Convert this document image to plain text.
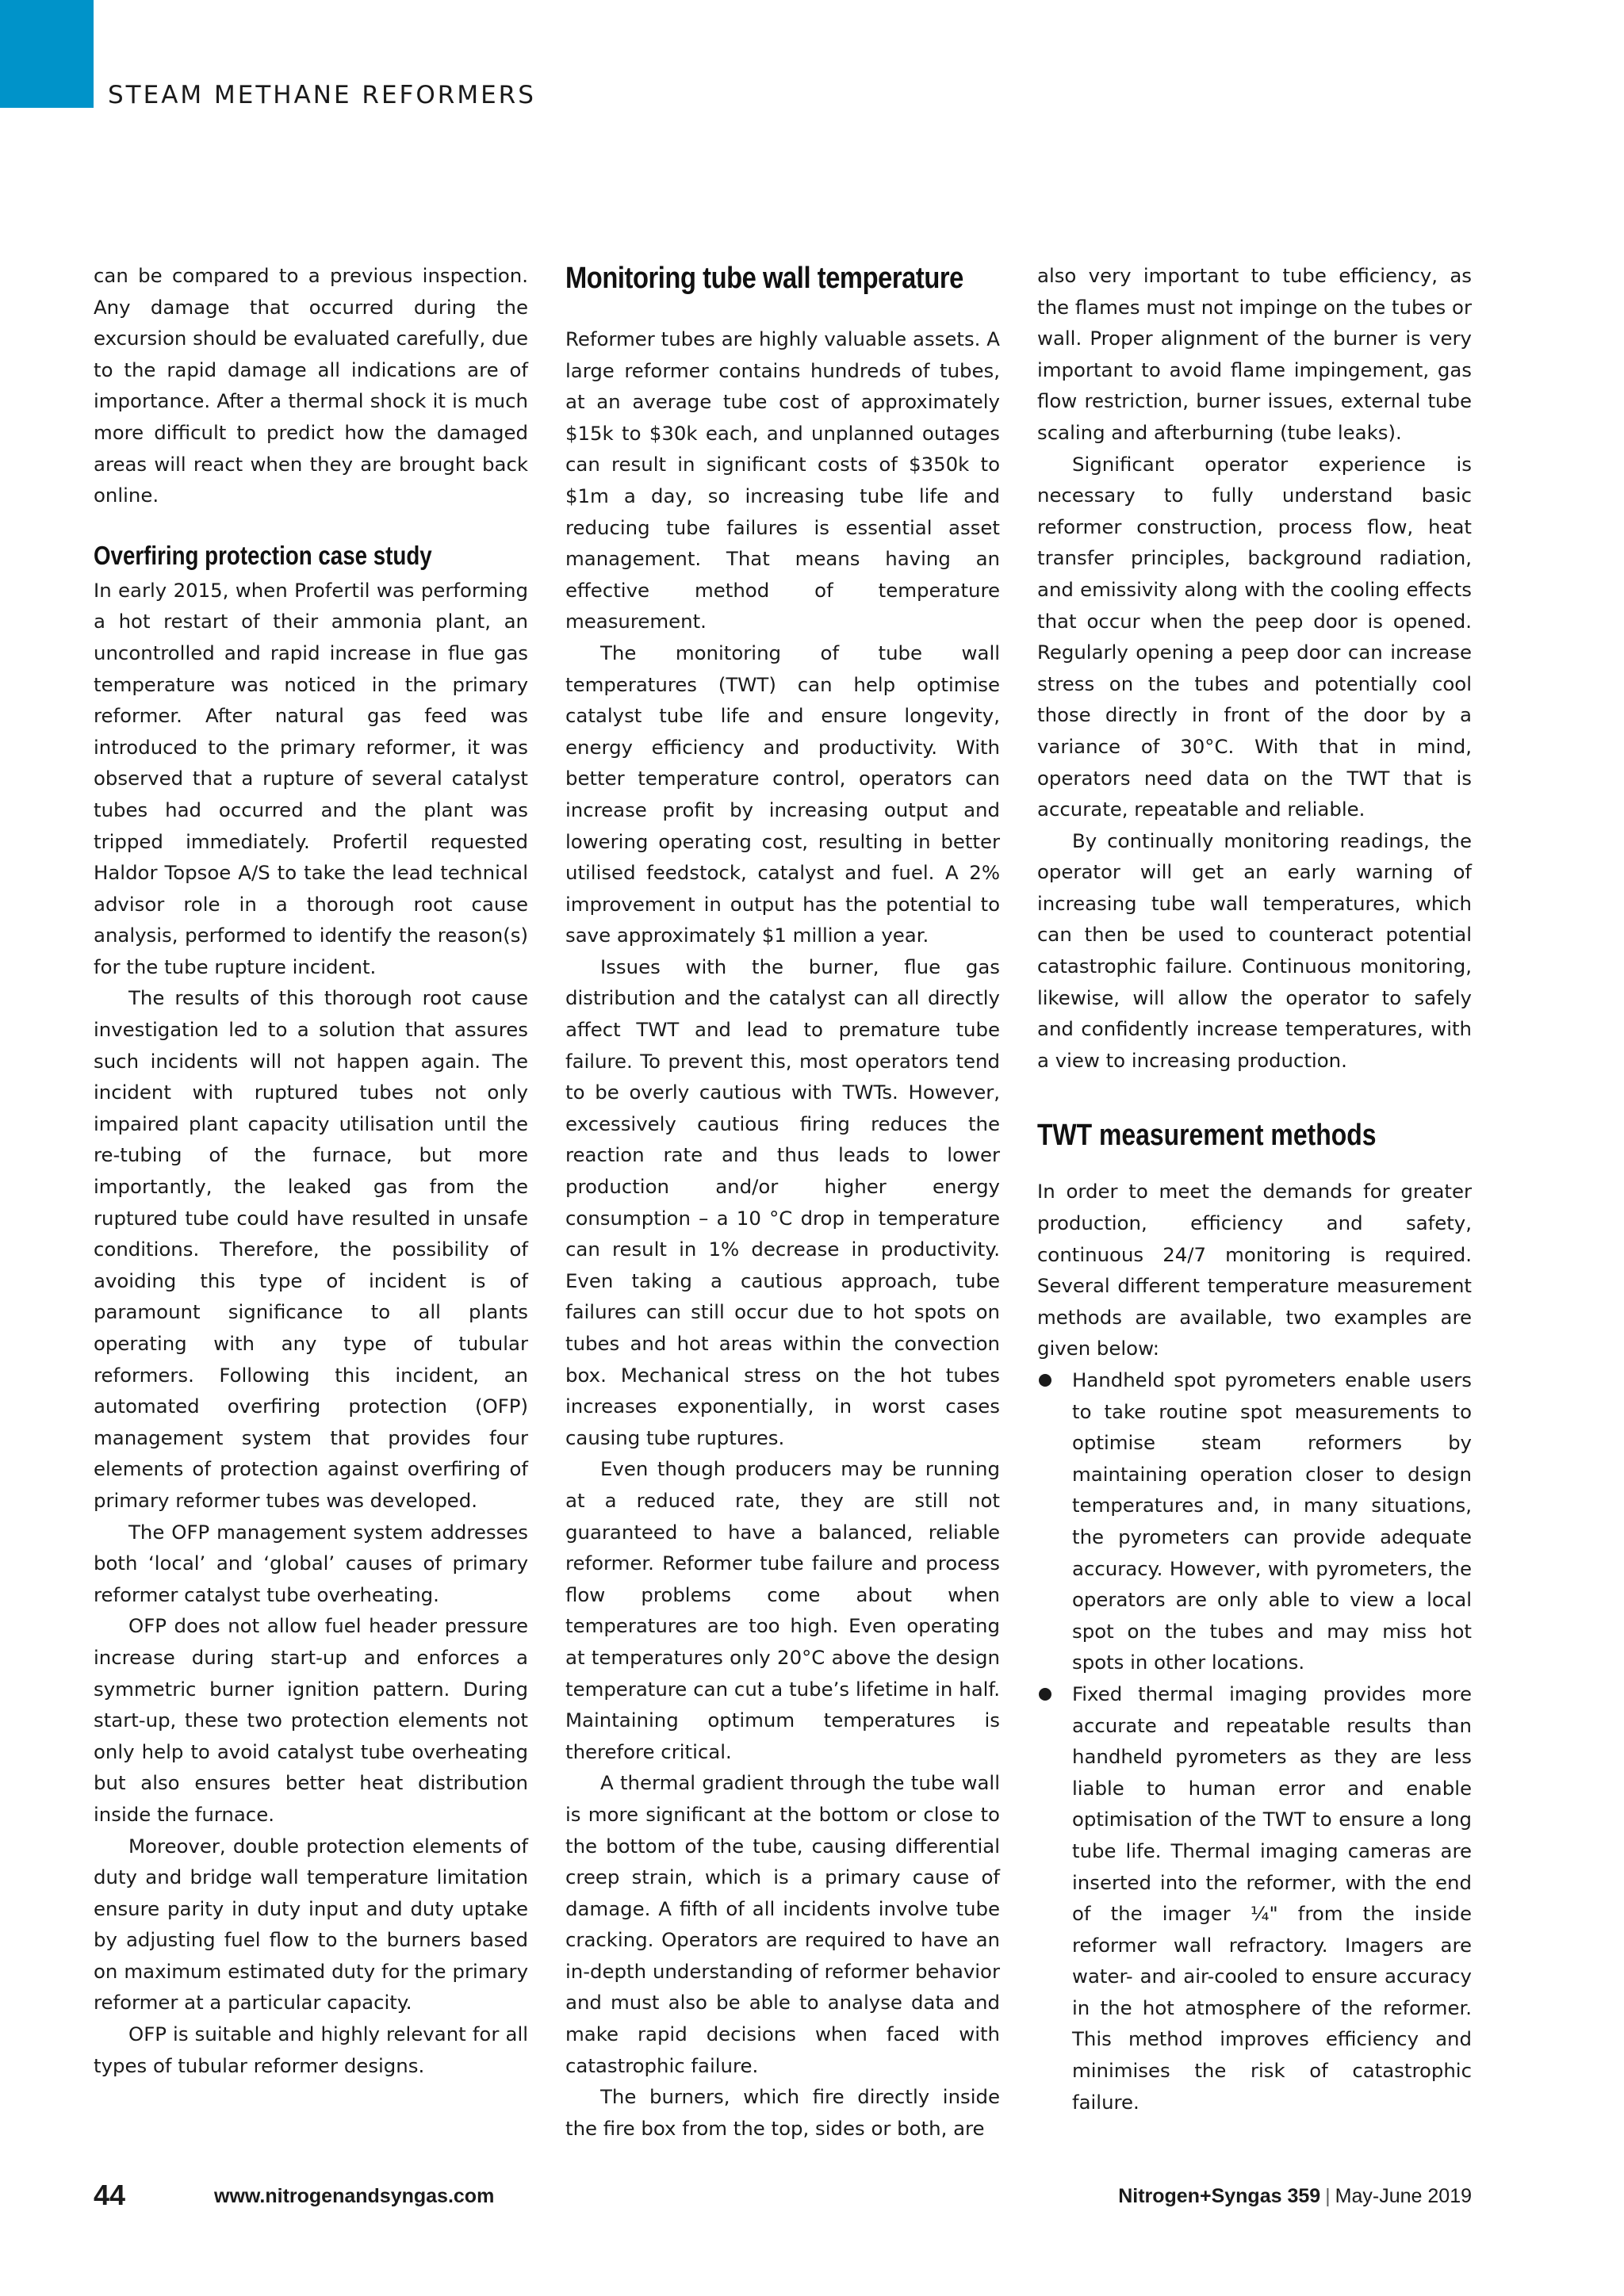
STEAM METHANE REFORMERS

can be compared to a previous inspection. Any damage that occurred during the excursion should be evaluated carefully, due to the rapid damage all indications are of importance. After a thermal shock it is much more difficult to predict how the damaged areas will react when they are brought back online.

Overfiring protection case study

In early 2015, when Profertil was performing a hot restart of their ammonia plant, an uncontrolled and rapid increase in flue gas temperature was noticed in the primary reformer. After natural gas feed was introduced to the primary reformer, it was observed that a rupture of several catalyst tubes had occurred and the plant was tripped immediately. Profertil requested Haldor Topsoe A/S to take the lead technical advisor role in a thorough root cause analysis, performed to identify the reason(s) for the tube rupture incident.

The results of this thorough root cause investigation led to a solution that assures such incidents will not happen again. The incident with ruptured tubes not only impaired plant capacity utilisation until the re-tubing of the furnace, but more importantly, the leaked gas from the ruptured tube could have resulted in unsafe conditions. Therefore, the possibility of avoiding this type of incident is of paramount significance to all plants operating with any type of tubular reformers. Following this incident, an automated overfiring protection (OFP) management system that provides four elements of protection against overfiring of primary reformer tubes was developed.

The OFP management system addresses both ‘local’ and ‘global’ causes of primary reformer catalyst tube overheating.

OFP does not allow fuel header pressure increase during start-up and enforces a symmetric burner ignition pattern. During start-up, these two protection elements not only help to avoid catalyst tube overheating but also ensures better heat distribution inside the furnace.

Moreover, double protection elements of duty and bridge wall temperature limitation ensure parity in duty input and duty uptake by adjusting fuel flow to the burners based on maximum estimated duty for the primary reformer at a particular capacity.

OFP is suitable and highly relevant for all types of tubular reformer designs.

Monitoring tube wall temperature

Reformer tubes are highly valuable assets. A large reformer contains hundreds of tubes, at an average tube cost of approximately $15k to $30k each, and unplanned outages can result in significant costs of $350k to $1m a day, so increasing tube life and reducing tube failures is essential asset management. That means having an effective method of temperature measurement.

The monitoring of tube wall temperatures (TWT) can help optimise catalyst tube life and ensure longevity, energy efficiency and productivity. With better temperature control, operators can increase profit by increasing output and lowering operating cost, resulting in better utilised feedstock, catalyst and fuel. A 2% improvement in output has the potential to save approximately $1 million a year.

Issues with the burner, flue gas distribution and the catalyst can all directly affect TWT and lead to premature tube failure. To prevent this, most operators tend to be overly cautious with TWTs. However, excessively cautious firing reduces the reaction rate and thus leads to lower production and/or higher energy consumption – a 10 °C drop in temperature can result in 1% decrease in productivity. Even taking a cautious approach, tube failures can still occur due to hot spots on tubes and hot areas within the convection box. Mechanical stress on the hot tubes increases exponentially, in worst cases causing tube ruptures.

Even though producers may be running at a reduced rate, they are still not guaranteed to have a balanced, reliable reformer. Reformer tube failure and process flow problems come about when temperatures are too high. Even operating at temperatures only 20°C above the design temperature can cut a tube’s lifetime in half. Maintaining optimum temperatures is therefore critical.

A thermal gradient through the tube wall is more significant at the bottom or close to the bottom of the tube, causing differential creep strain, which is a primary cause of damage. A fifth of all incidents involve tube cracking. Operators are required to have an in-depth understanding of reformer behavior and must also be able to analyse data and make rapid decisions when faced with catastrophic failure.

The burners, which fire directly inside the fire box from the top, sides or both, are

also very important to tube efficiency, as the flames must not impinge on the tubes or wall. Proper alignment of the burner is very important to avoid flame impingement, gas flow restriction, burner issues, external tube scaling and afterburning (tube leaks).

Significant operator experience is necessary to fully understand basic reformer construction, process flow, heat transfer principles, background radiation, and emissivity along with the cooling effects that occur when the peep door is opened. Regularly opening a peep door can increase stress on the tubes and potentially cool those directly in front of the door by a variance of 30°C. With that in mind, operators need data on the TWT that is accurate, repeatable and reliable.

By continually monitoring readings, the operator will get an early warning of increasing tube wall temperatures, which can then be used to counteract potential catastrophic failure. Continuous monitoring, likewise, will allow the operator to safely and confidently increase temperatures, with a view to increasing production.

TWT measurement methods

In order to meet the demands for greater production, efficiency and safety, continuous 24/7 monitoring is required. Several different temperature measurement methods are available, two examples are given below:

Handheld spot pyrometers enable users to take routine spot measurements to optimise steam reformers by maintaining operation closer to design temperatures and, in many situations, the pyrometers can provide adequate accuracy. However, with pyrometers, the operators are only able to view a local spot on the tubes and may miss hot spots in other locations.
Fixed thermal imaging provides more accurate and repeatable results than handheld pyrometers as they are less liable to human error and enable optimisation of the TWT to ensure a long tube life. Thermal imaging cameras are inserted into the reformer, with the end of the imager ¼" from the inside reformer wall refractory. Imagers are water- and air-cooled to ensure accuracy in the hot atmosphere of the reformer. This method improves efficiency and minimises the risk of catastrophic failure.
44	www.nitrogenandsyngas.com	Nitrogen+Syngas 359 | May-June 2019
